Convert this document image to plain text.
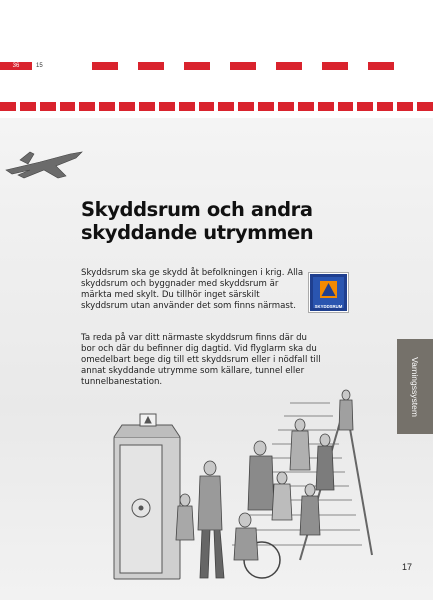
36	15
Skyddsrum och andra
skyddande utrymmen
Skyddsrum ska ge skydd åt befolkningen i krig. Alla skyddsrum och byggnader med skyddsrum är märkta med skylt. Du tillhör inget särskilt skyddsrum utan använder det som finns närmast.
Ta reda på var ditt närmaste skyddsrum finns där du bor och där du befinner dig dagtid. Vid flyglarm ska du omedelbart bege dig till ett skyddsrum eller i nödfall till annat skyddande utrymme som källare, tunnel eller tunnelbanestation.
SKYDDSRUM
Varningssystem
17
